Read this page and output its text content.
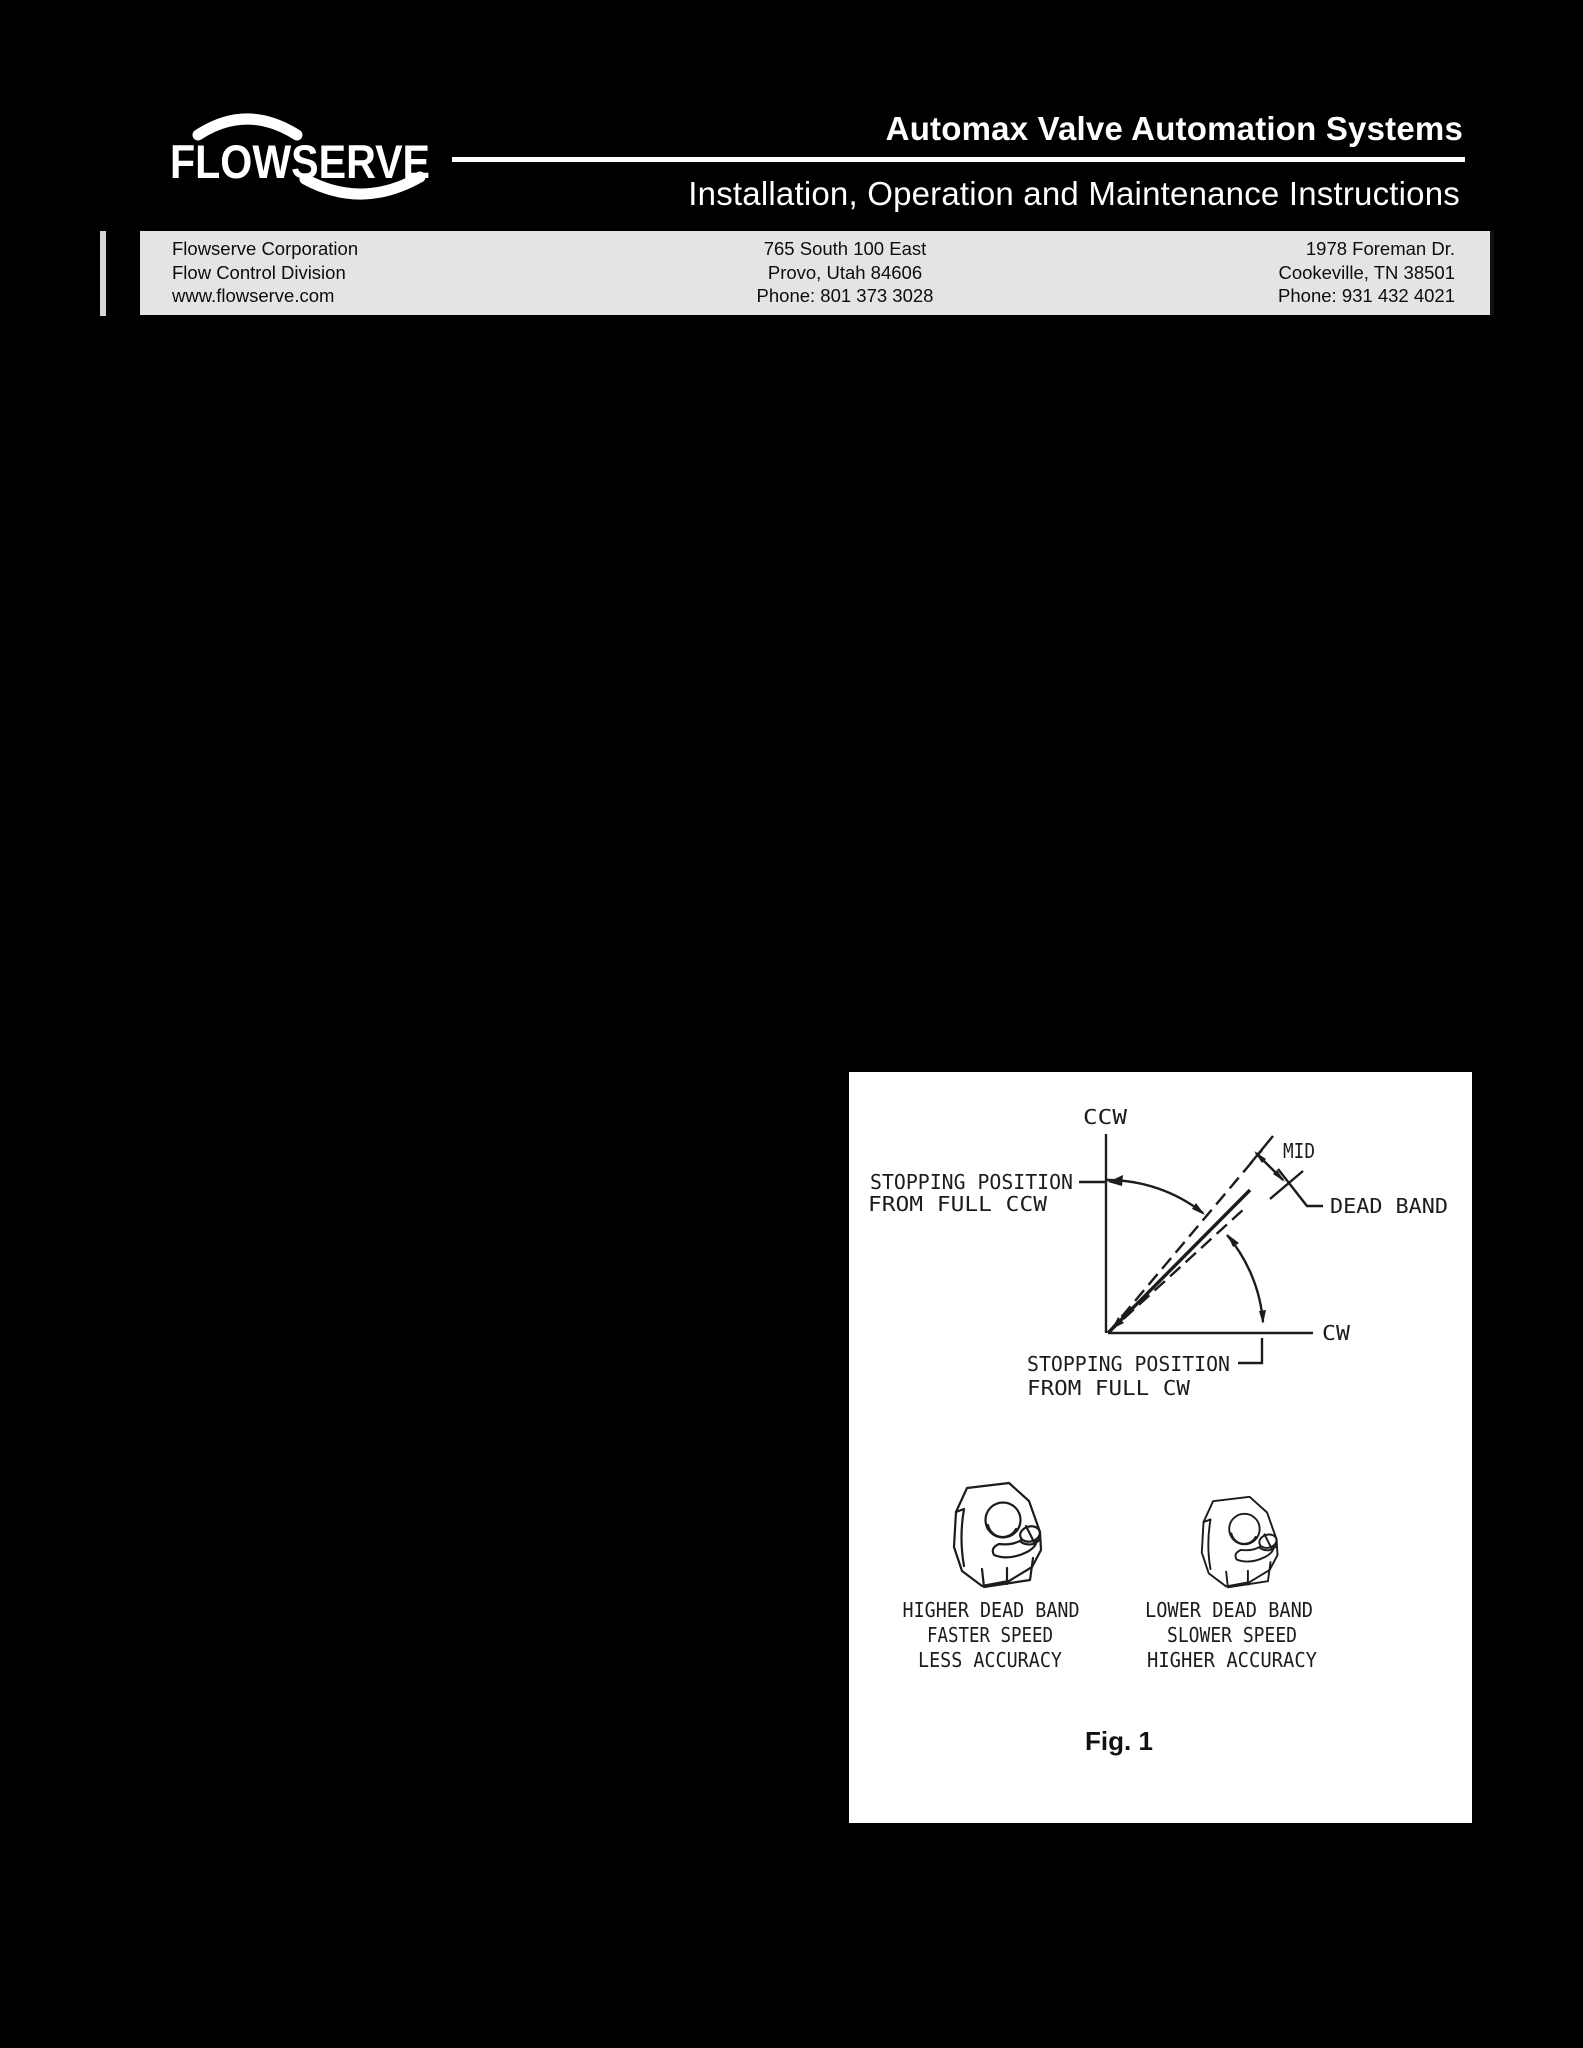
FLOWSERVE
Automax Valve Automation Systems
Installation, Operation and Maintenance Instructions
Flowserve Corporation
Flow Control Division
www.flowserve.com
765 South 100 East
Provo, Utah 84606
Phone: 801 373 3028
1978 Foreman Dr.
Cookeville, TN 38501
Phone: 931 432 4021
CCW
CW
MID
DEAD BAND
STOPPING POSITION
FROM FULL CCW
STOPPING POSITION
FROM FULL CW
HIGHER DEAD BAND
FASTER SPEED
LESS ACCURACY
LOWER DEAD BAND
SLOWER SPEED
HIGHER ACCURACY
Fig. 1
